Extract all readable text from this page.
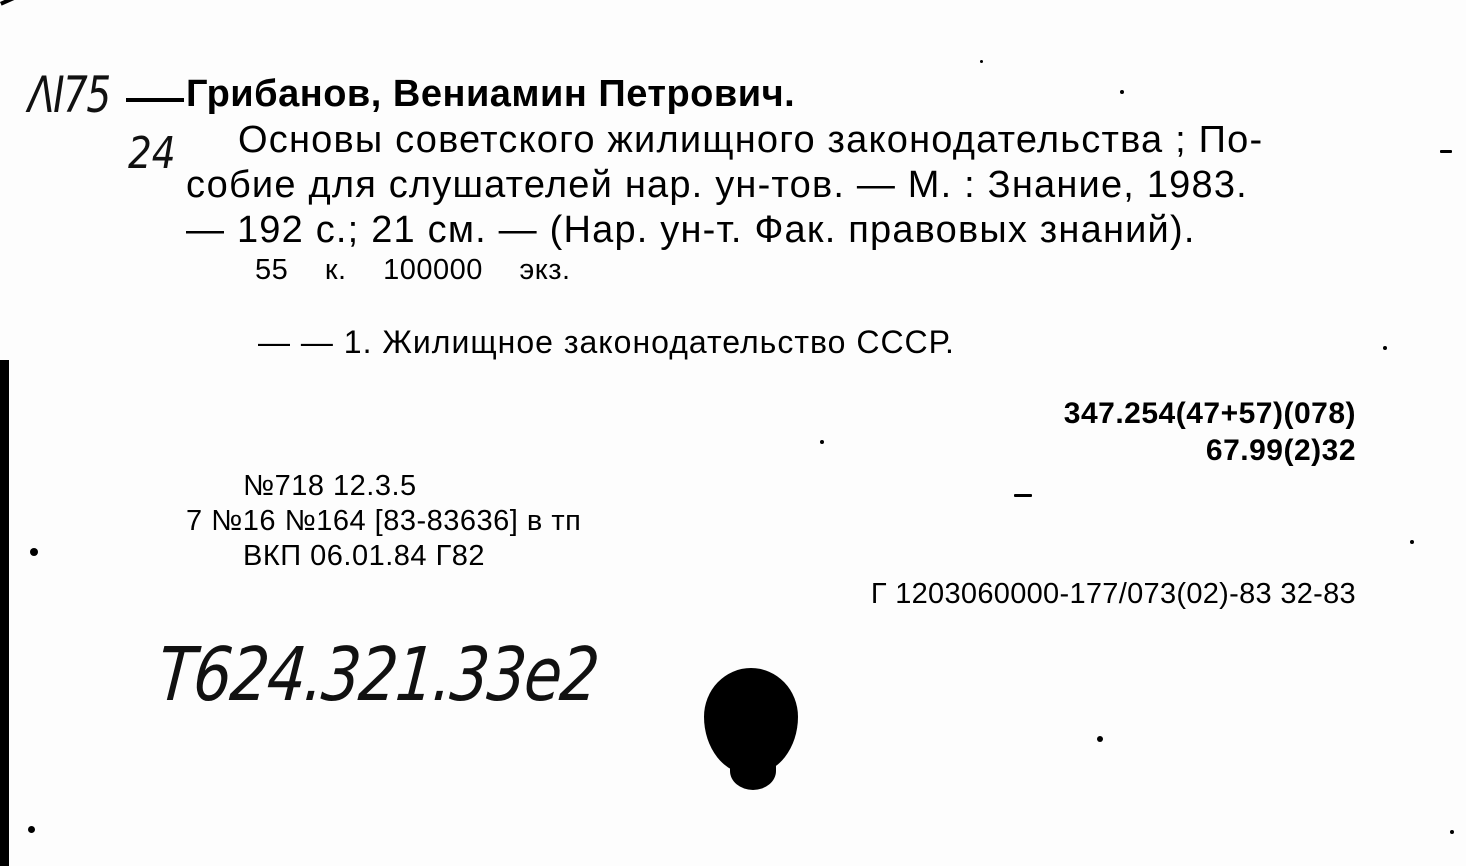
ΛΙ75
24
Грибанов, Вениамин Петрович.
Основы советского жилищного законодательства ; По-
собие для слушателей нар. ун-тов. — М. : Знание, 1983.
— 192 с.; 21 см. — (Нар. ун-т. Фак. правовых знаний).
55 к. 100000 экз.
— — 1. Жилищное законодательство СССР.
347.254(47+57)(078)
67.99(2)32
№718 12.3.5
7 №16 №164 [83-83636] в тп
ВКП 06.01.84 Г82
Г 1203060000-177/073(02)-83 32-83
Т624.321.33е2
